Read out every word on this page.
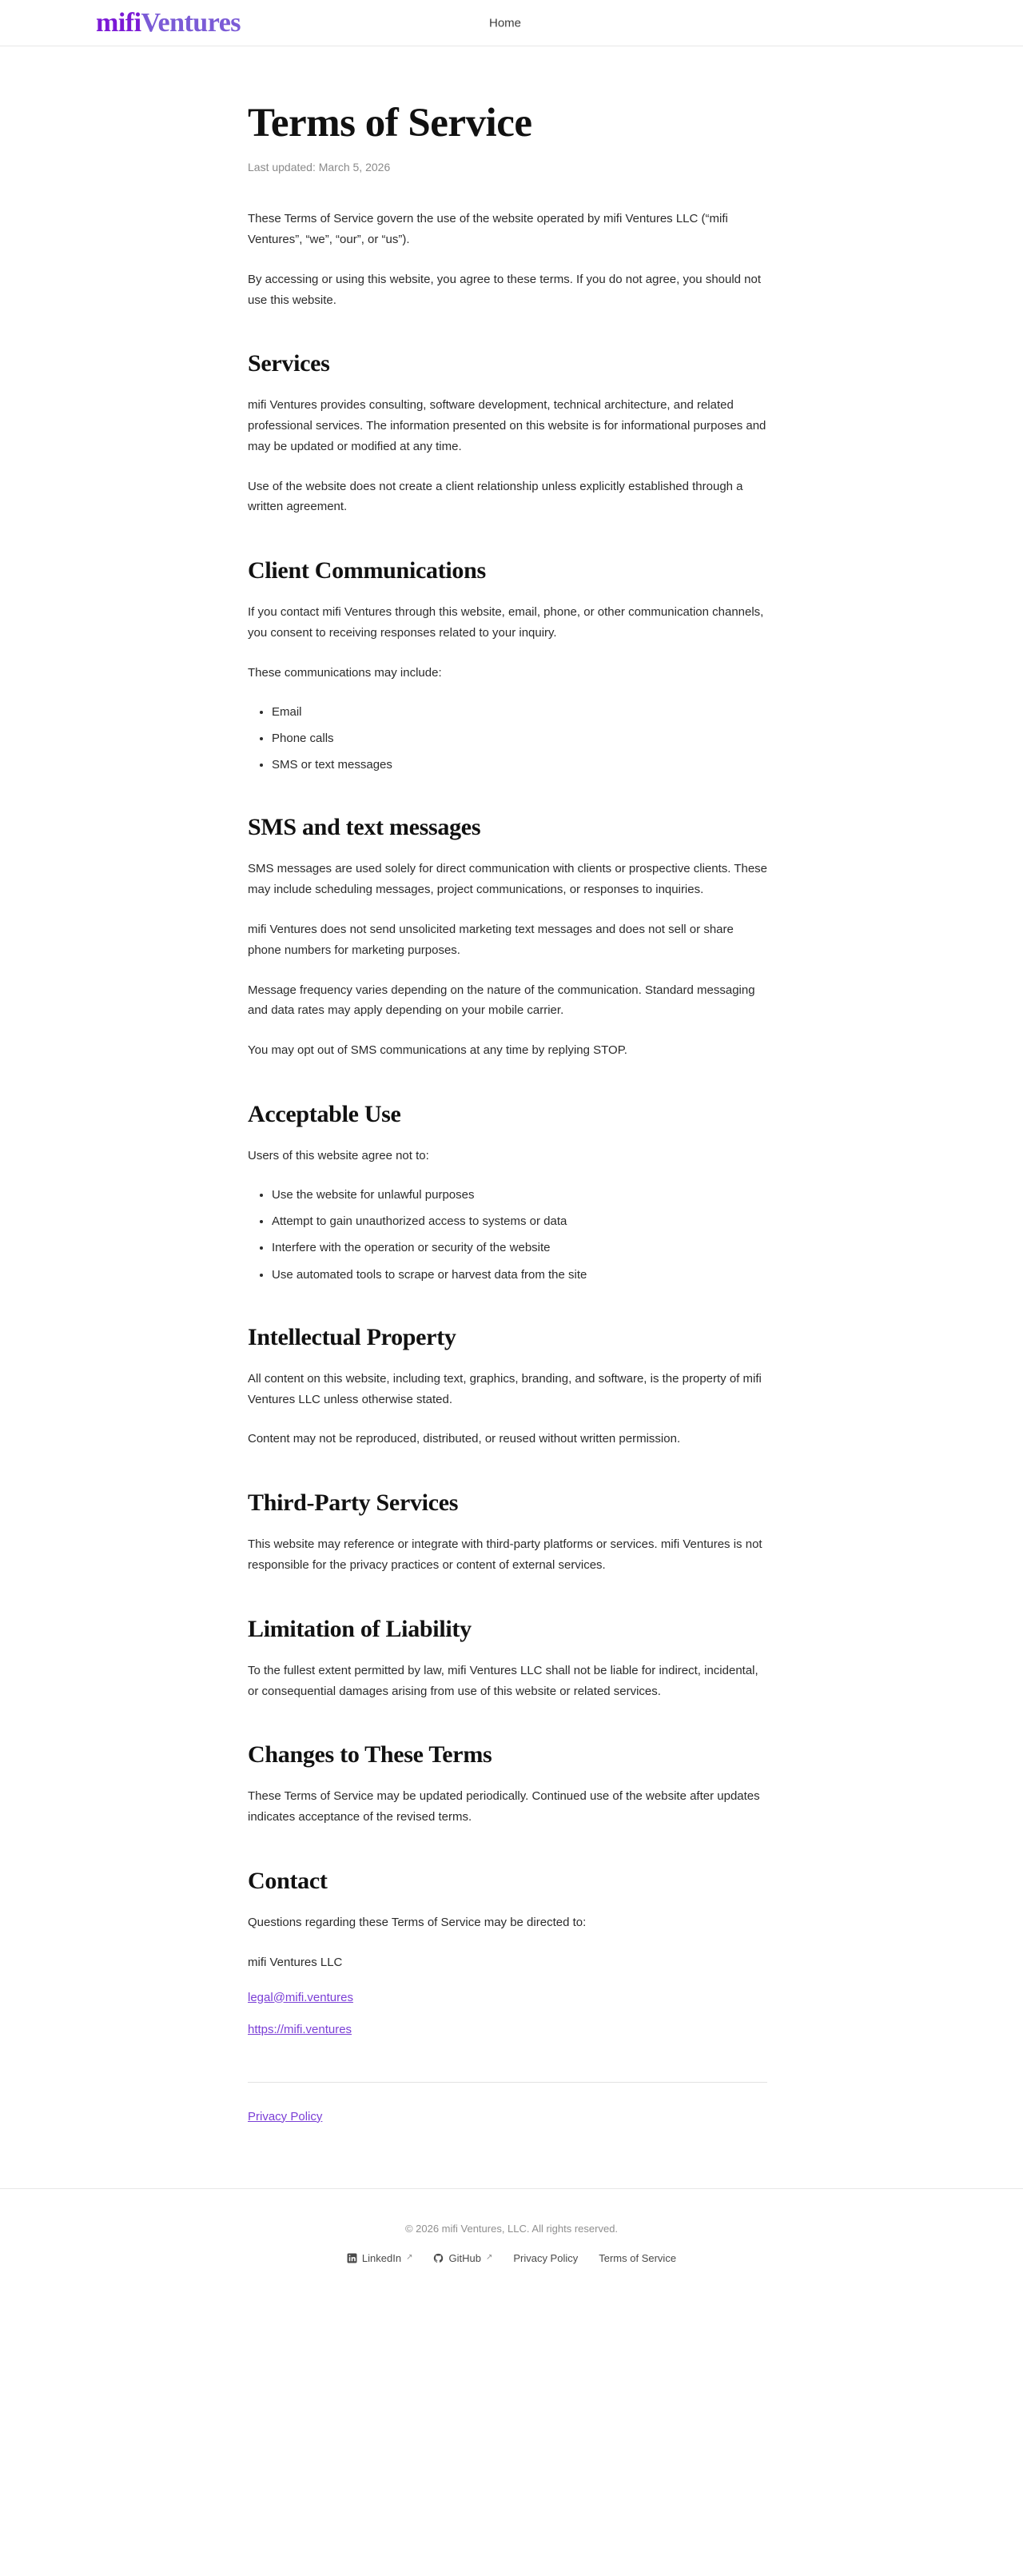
mifiVentures	Home
Terms of Service
Last updated: March 5, 2026

These Terms of Service govern the use of the website operated by mifi Ventures LLC (“mifi Ventures”, “we”, “our”, or “us”).

By accessing or using this website, you agree to these terms. If you do not agree, you should not use this website.

Services

mifi Ventures provides consulting, software development, technical architecture, and related professional services. The information presented on this website is for informational purposes and may be updated or modified at any time.

Use of the website does not create a client relationship unless explicitly established through a written agreement.

Client Communications

If you contact mifi Ventures through this website, email, phone, or other communication channels, you consent to receiving responses related to your inquiry.

These communications may include:

• Email
• Phone calls
• SMS or text messages
SMS and text messages

SMS messages are used solely for direct communication with clients or prospective clients. These may include scheduling messages, project communications, or responses to inquiries.

mifi Ventures does not send unsolicited marketing text messages and does not sell or share phone numbers for marketing purposes.

Message frequency varies depending on the nature of the communication. Standard messaging and data rates may apply depending on your mobile carrier.

You may opt out of SMS communications at any time by replying STOP.

Acceptable Use

Users of this website agree not to:

• Use the website for unlawful purposes
• Attempt to gain unauthorized access to systems or data
• Interfere with the operation or security of the website
• Use automated tools to scrape or harvest data from the site
Intellectual Property

All content on this website, including text, graphics, branding, and software, is the property of mifi Ventures LLC unless otherwise stated.

Content may not be reproduced, distributed, or reused without written permission.

Third-Party Services

This website may reference or integrate with third-party platforms or services. mifi Ventures is not responsible for the privacy practices or content of external services.

Limitation of Liability

To the fullest extent permitted by law, mifi Ventures LLC shall not be liable for indirect, incidental, or consequential damages arising from use of this website or related services.

Changes to These Terms

These Terms of Service may be updated periodically. Continued use of the website after updates indicates acceptance of the revised terms.

Contact

Questions regarding these Terms of Service may be directed to:

mifi Ventures LLC

legal@mifi.ventures
https://mifi.ventures
Privacy Policy
© 2026 mifi Ventures, LLC. All rights reserved.
LinkedIn ↗	GitHub ↗ Privacy Policy Terms of Service
